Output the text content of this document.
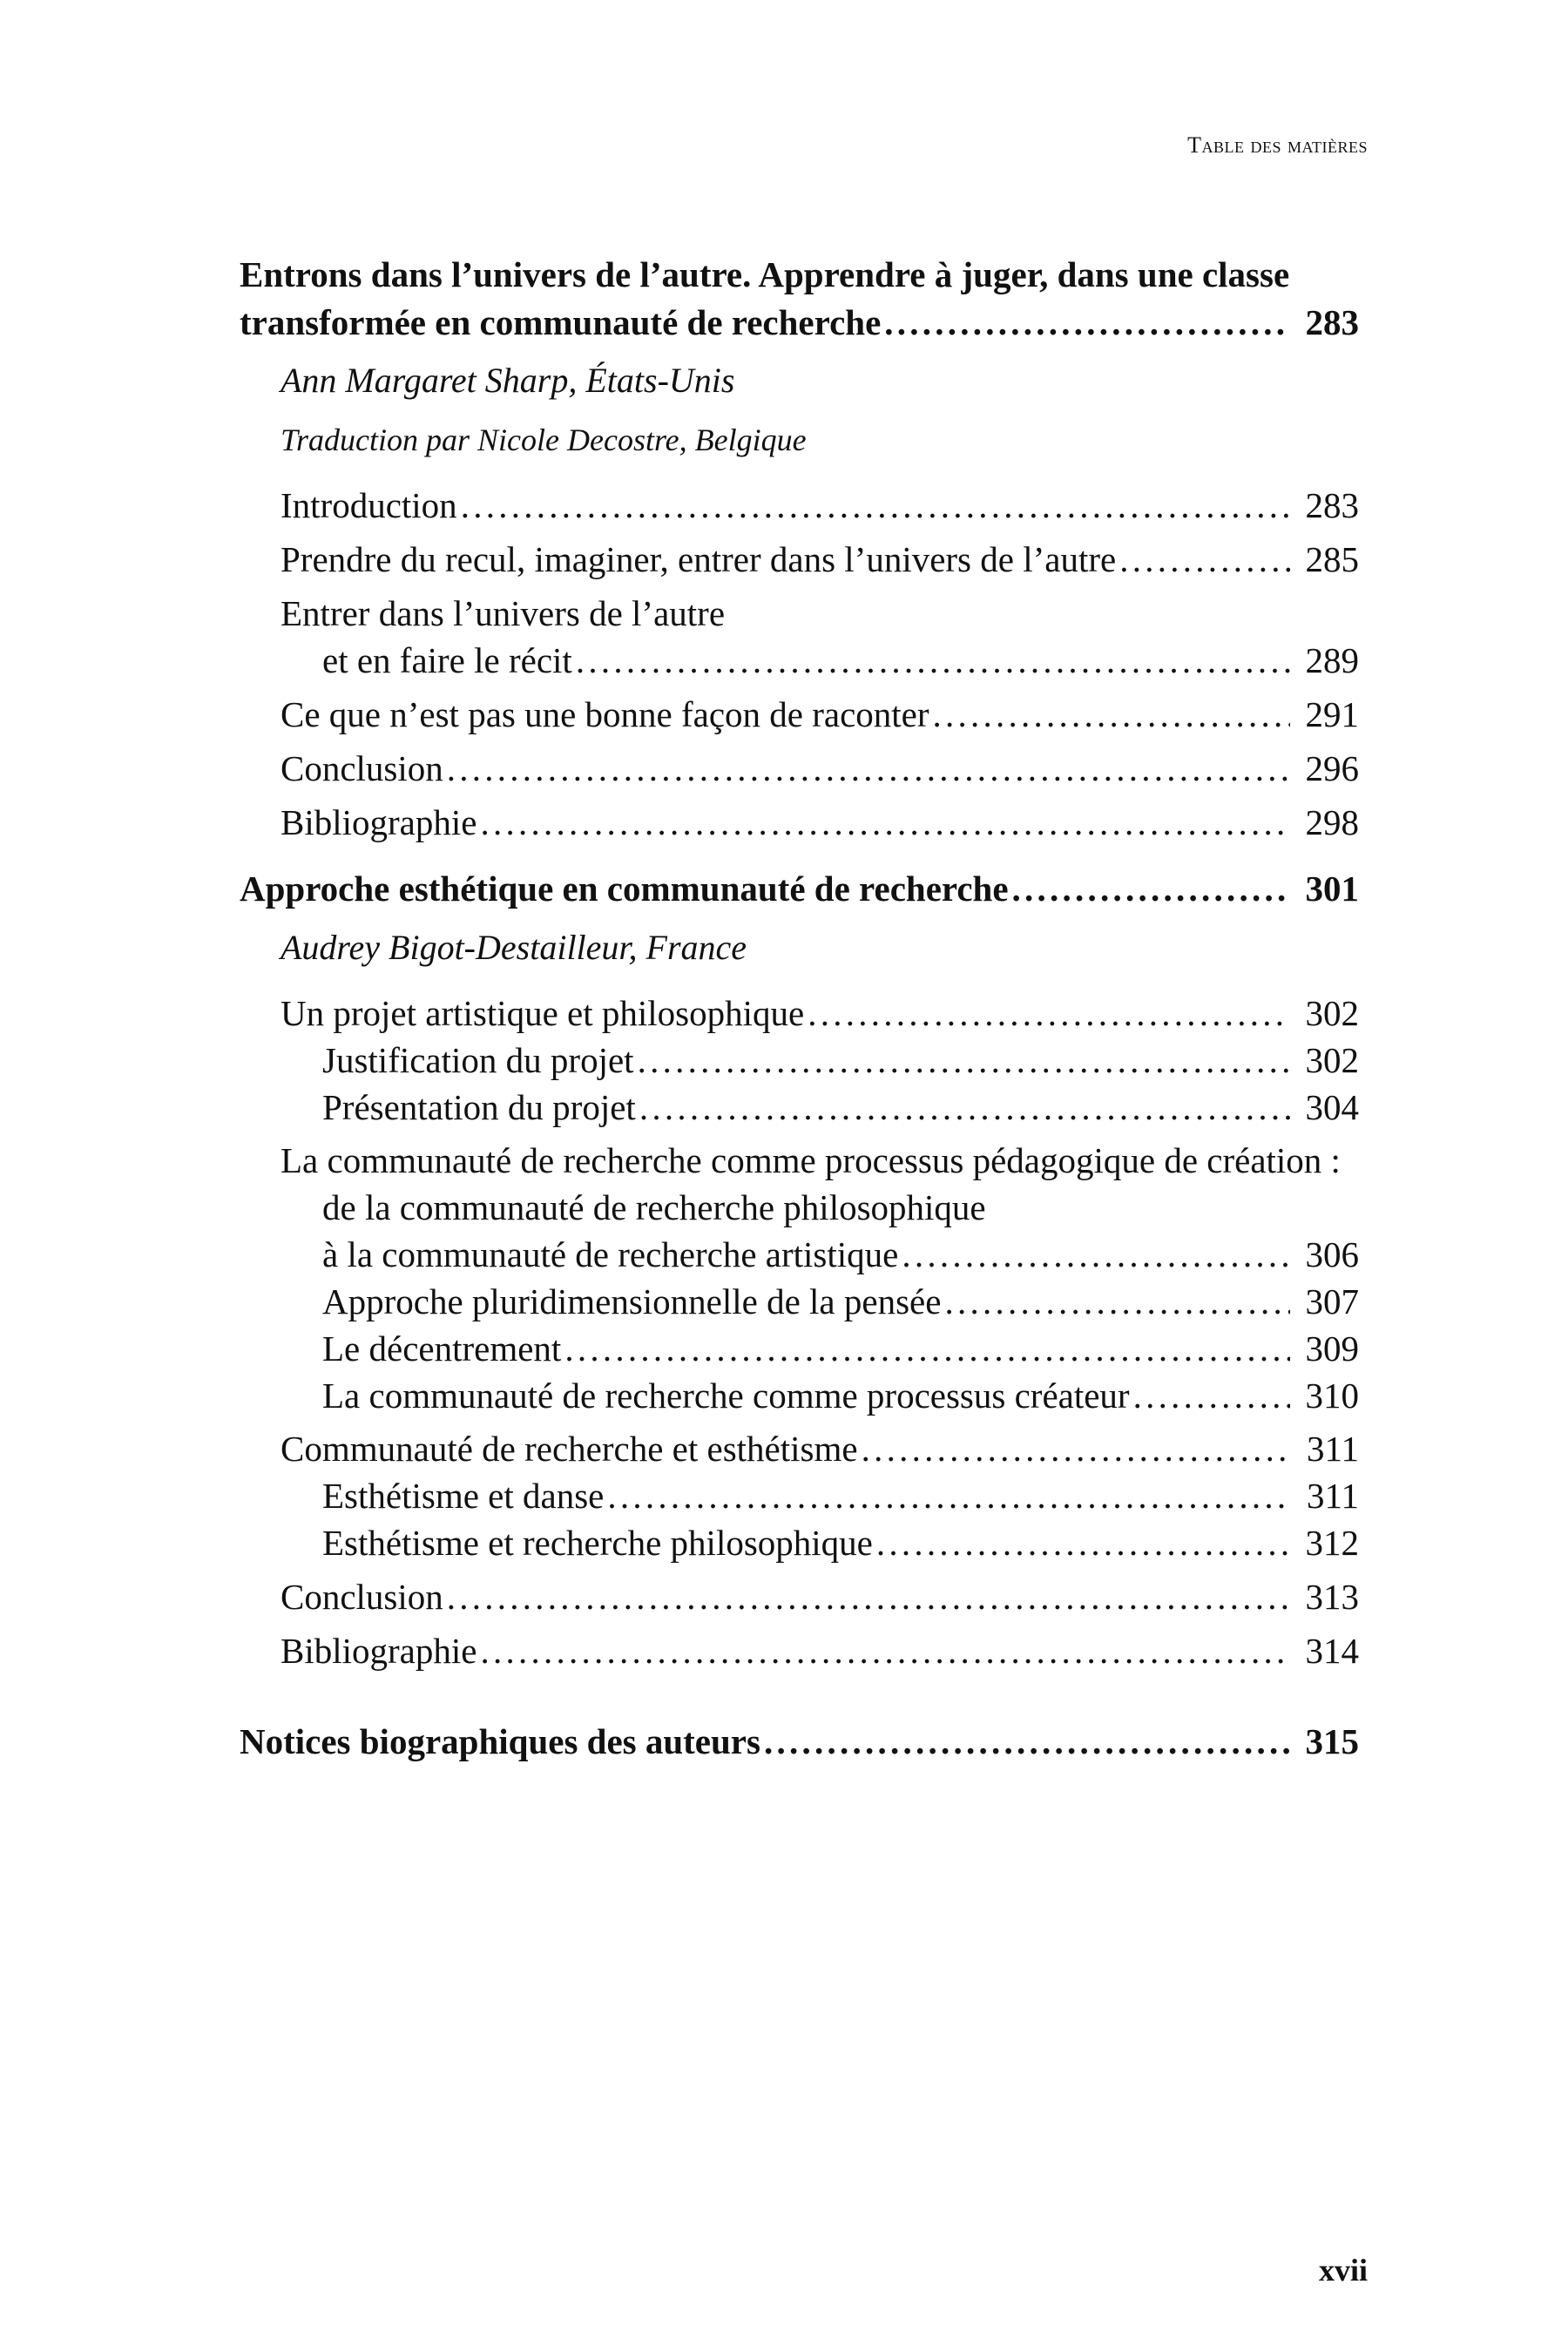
Table des matières
Entrons dans l’univers de l’autre. Apprendre à juger, dans une classe
transformée en communauté de recherche . . .	283
Ann Margaret Sharp, États-Unis
Traduction par Nicole Decostre, Belgique
Introduction . . .	283
Prendre du recul, imaginer, entrer dans l’univers de l’autre . . .	285
Entrer dans l’univers de l’autre
et en faire le récit . . .	289
Ce que n’est pas une bonne façon de raconter . . .	291
Conclusion . . .	296
Bibliographie . . .	298
Approche esthétique en communauté de recherche . . .	301
Audrey Bigot-Destailleur, France
Un projet artistique et philosophique . . .	302
Justification du projet . . .	302
Présentation du projet . . .	304
La communauté de recherche comme processus pédagogique de création :
de la communauté de recherche philosophique
à la communauté de recherche artistique . . .	306
Approche pluridimensionnelle de la pensée . . .	307
Le décentrement . . .	309
La communauté de recherche comme processus créateur . . .	310
Communauté de recherche et esthétisme . . .	311
Esthétisme et danse . . .	311
Esthétisme et recherche philosophique . . .	312
Conclusion . . .	313
Bibliographie . . .	314
Notices biographiques des auteurs . . .	315
xvii
